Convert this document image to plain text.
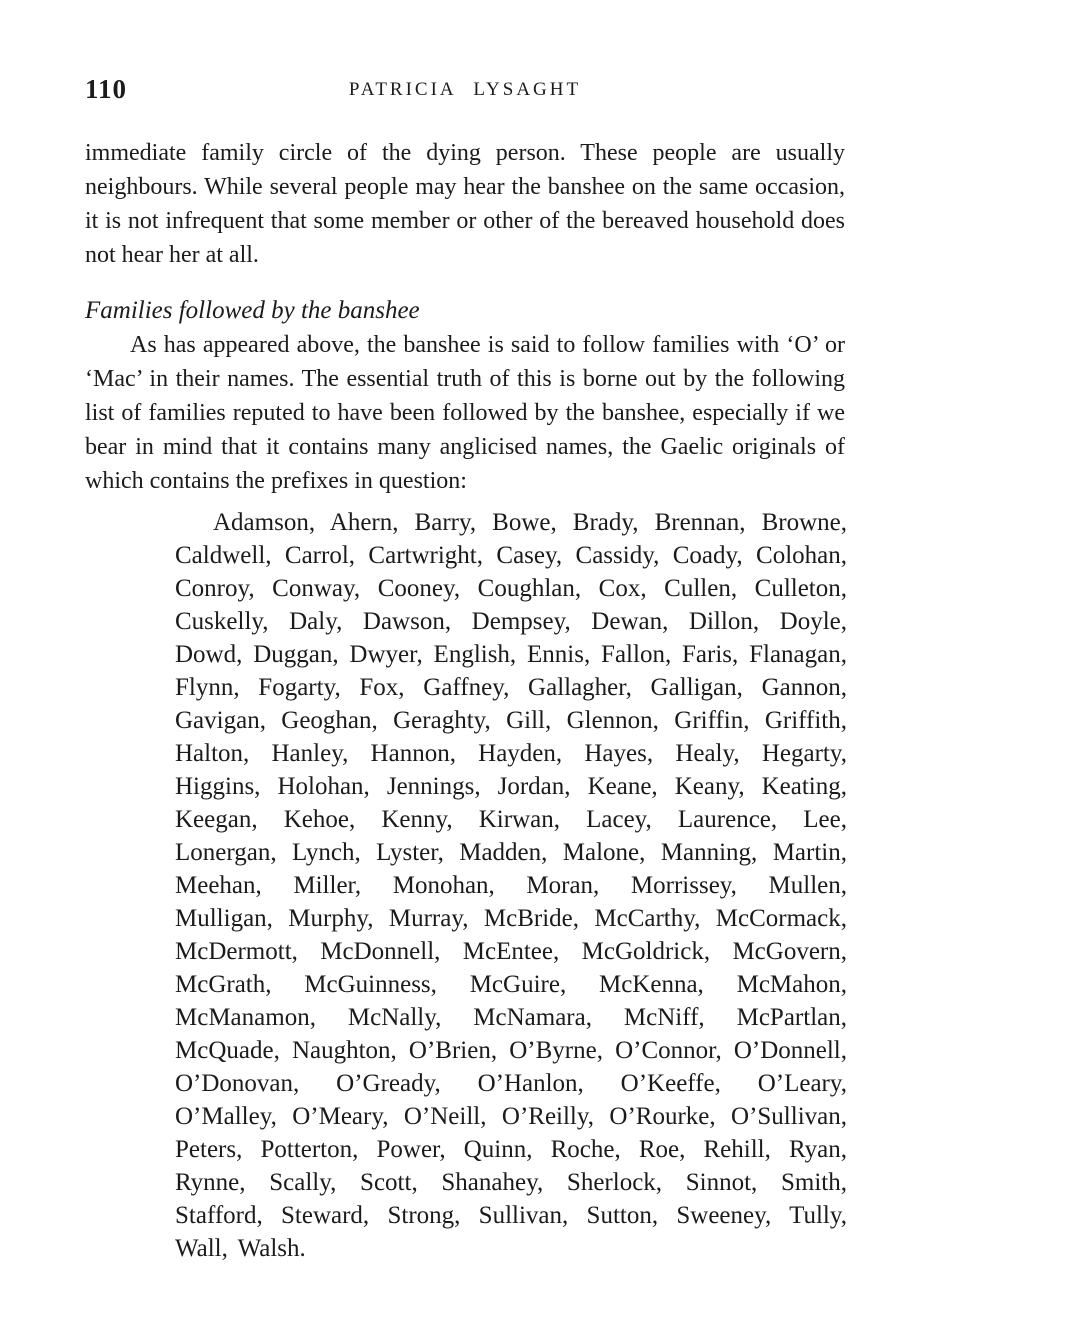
110	PATRICIA LYSAGHT

immediate family circle of the dying person. These people are usually neighbours. While several people may hear the banshee on the same occasion, it is not infrequent that some member or other of the bereaved household does not hear her at all.

Families followed by the banshee

As has appeared above, the banshee is said to follow families with ‘O’ or ‘Mac’ in their names. The essential truth of this is borne out by the following list of families reputed to have been followed by the banshee, especially if we bear in mind that it contains many anglicised names, the Gaelic originals of which contains the prefixes in question:

Adamson, Ahern, Barry, Bowe, Brady, Brennan, Browne, Caldwell, Carrol, Cartwright, Casey, Cassidy, Coady, Colohan, Conroy, Conway, Cooney, Coughlan, Cox, Cullen, Culleton, Cuskelly, Daly, Dawson, Dempsey, Dewan, Dillon, Doyle, Dowd, Duggan, Dwyer, English, Ennis, Fallon, Faris, Flanagan, Flynn, Fogarty, Fox, Gaffney, Gallagher, Galligan, Gannon, Gavigan, Geoghan, Geraghty, Gill, Glennon, Griffin, Griffith, Halton, Hanley, Hannon, Hayden, Hayes, Healy, Hegarty, Higgins, Holohan, Jennings, Jordan, Keane, Keany, Keating, Keegan, Kehoe, Kenny, Kirwan, Lacey, Laurence, Lee, Lonergan, Lynch, Lyster, Madden, Malone, Manning, Martin, Meehan, Miller, Monohan, Moran, Morrissey, Mullen, Mulligan, Murphy, Murray, McBride, McCarthy, McCormack, McDermott, McDonnell, McEntee, McGoldrick, McGovern, McGrath, McGuinness, McGuire, McKenna, McMahon, McManamon, McNally, McNamara, McNiff, McPartlan, McQuade, Naughton, O’Brien, O’Byrne, O’Connor, O’Donnell, O’Donovan, O’Gready, O’Hanlon, O’Keeffe, O’Leary, O’Malley, O’Meary, O’Neill, O’Reilly, O’Rourke, O’Sullivan, Peters, Potterton, Power, Quinn, Roche, Roe, Rehill, Ryan, Rynne, Scally, Scott, Shanahey, Sherlock, Sinnot, Smith, Stafford, Steward, Strong, Sullivan, Sutton, Sweeney, Tully, Wall, Walsh.
